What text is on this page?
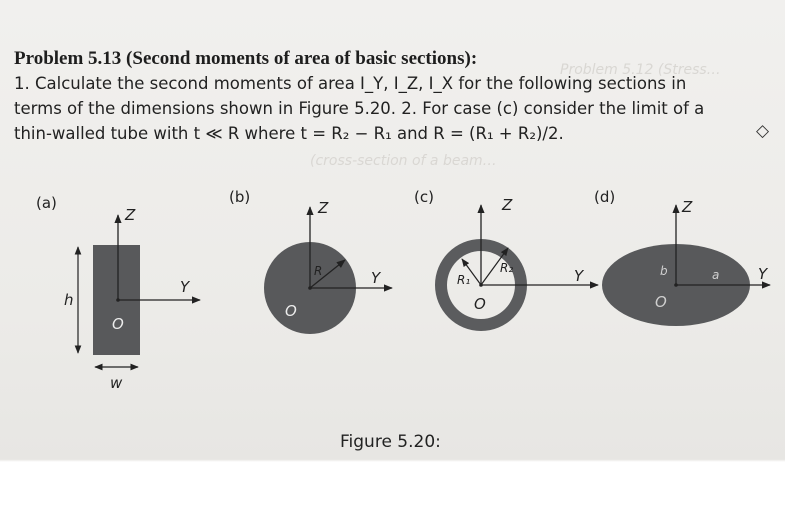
Problem 5.12 (Stress…
(cross-section of a beam…
Problem 5.13 (Second moments of area of basic sections):
1. Calculate the second moments of area I_Y, I_Z, I_X for the following sections in
terms of the dimensions shown in Figure 5.20. 2. For case (c) consider the limit of a
thin-walled tube with t ≪ R where t = R₂ − R₁ and R = (R₁ + R₂)/2.	◇
(a)
Z
Y
O
h
w
(b)
Z
Y
R
O
(c)	Z
Y
R₁
R₂
O
(d)
Z
Y
b	a
O
Figure 5.20:
